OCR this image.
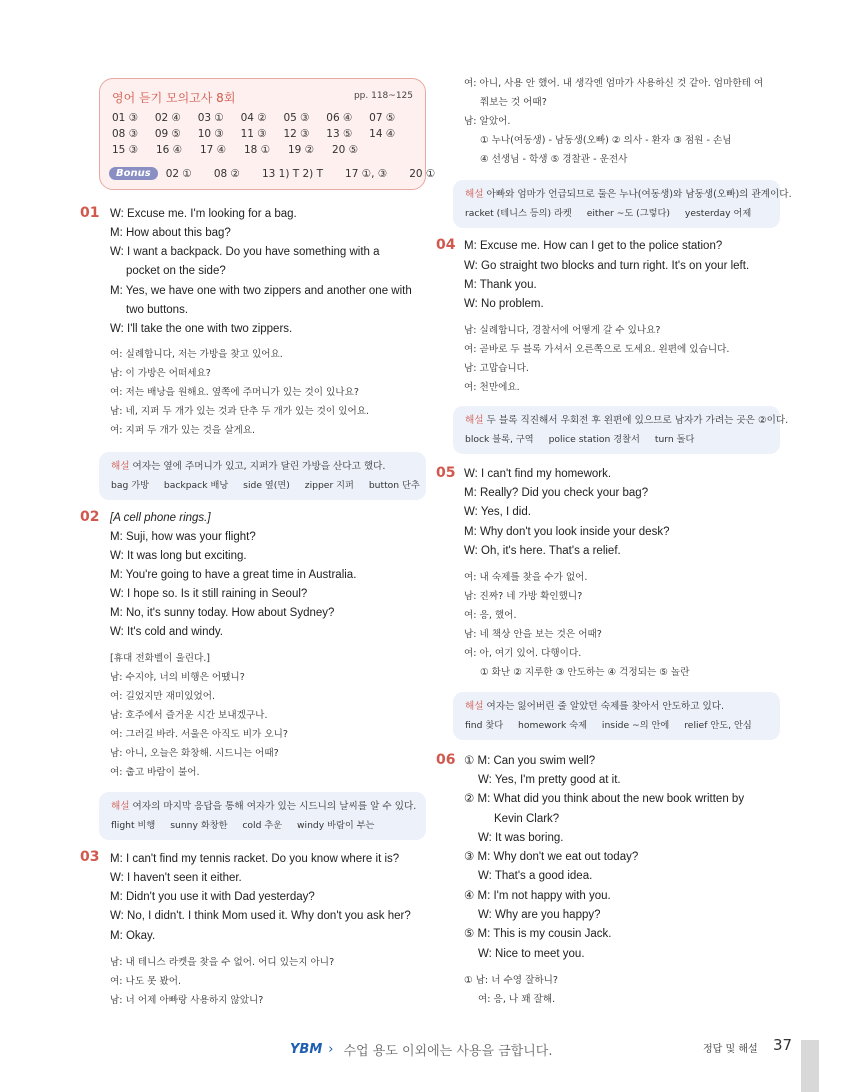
영어 듣기 모의고사 8회	pp. 118~125
01 ③	02 ④	03 ①	04 ②	05 ③	06 ④	07 ⑤
08 ③	09 ⑤	10 ③	11 ③	12 ③	13 ⑤	14 ④
15 ③	16 ④	17 ④	18 ①	19 ②	20 ⑤
Bonus	02 ① 08 ② 13 1) T 2) T 17 ①, ③ 20 ①
01 W: Excuse me. I'm looking for a bag.
M: How about this bag?
W: I want a backpack. Do you have something with a
pocket on the side?
M: Yes, we have one with two zippers and another one with
two buttons.
W: I'll take the one with two zippers.
여: 실례합니다, 저는 가방을 찾고 있어요.
남: 이 가방은 어떠세요?
여: 저는 배낭을 원해요. 옆쪽에 주머니가 있는 것이 있나요?
남: 네, 지퍼 두 개가 있는 것과 단추 두 개가 있는 것이 있어요.
여: 지퍼 두 개가 있는 것을 살게요.
해설 여자는 옆에 주머니가 있고, 지퍼가 달린 가방을 산다고 했다.
bag 가방 backpack 배낭 side 옆(면) zipper 지퍼 button 단추
02 [A cell phone rings.]
M: Suji, how was your flight?
W: It was long but exciting.
M: You're going to have a great time in Australia.
W: I hope so. Is it still raining in Seoul?
M: No, it's sunny today. How about Sydney?
W: It's cold and windy.
[휴대 전화벨이 울린다.]
남: 수지야, 너의 비행은 어땠니?
여: 길었지만 재미있었어.
남: 호주에서 즐거운 시간 보내겠구나.
여: 그러길 바라. 서울은 아직도 비가 오니?
남: 아니, 오늘은 화창해. 시드니는 어때?
여: 춥고 바람이 불어.
해설 여자의 마지막 응답을 통해 여자가 있는 시드니의 날씨를 알 수 있다.
flight 비행 sunny 화창한 cold 추운 windy 바람이 부는
03 M: I can't find my tennis racket. Do you know where it is?
W: I haven't seen it either.
M: Didn't you use it with Dad yesterday?
W: No, I didn't. I think Mom used it. Why don't you ask her?
M: Okay.
남: 내 테니스 라켓을 찾을 수 없어. 어디 있는지 아니?
여: 나도 못 봤어.
남: 너 어제 아빠랑 사용하지 않았니?
여: 아니, 사용 안 했어. 내 생각엔 엄마가 사용하신 것 같아. 엄마한테 여
쭤보는 것 어때?
남: 알았어.
① 누나(여동생) - 남동생(오빠) ② 의사 - 환자 ③ 점원 - 손님
④ 선생님 - 학생 ⑤ 경찰관 - 운전사
해설 아빠와 엄마가 언급되므로 둘은 누나(여동생)와 남동생(오빠)의 관계이다.
racket (테니스 등의) 라켓 either ~도 (그렇다) yesterday 어제
04 M: Excuse me. How can I get to the police station?
W: Go straight two blocks and turn right. It's on your left.
M: Thank you.
W: No problem.
남: 실례합니다, 경찰서에 어떻게 갈 수 있나요?
여: 곧바로 두 블록 가셔서 오른쪽으로 도세요. 왼편에 있습니다.
남: 고맙습니다.
여: 천만에요.
해설 두 블록 직진해서 우회전 후 왼편에 있으므로 남자가 가려는 곳은 ②이다.
block 블록, 구역 police station 경찰서 turn 돌다
05 W: I can't find my homework.
M: Really? Did you check your bag?
W: Yes, I did.
M: Why don't you look inside your desk?
W: Oh, it's here. That's a relief.
여: 내 숙제를 찾을 수가 없어.
남: 진짜? 네 가방 확인했니?
여: 응, 했어.
남: 네 책상 안을 보는 것은 어때?
여: 아, 여기 있어. 다행이다.
① 화난 ② 지루한 ③ 안도하는 ④ 걱정되는 ⑤ 놀란
해설 여자는 잃어버린 줄 알았던 숙제를 찾아서 안도하고 있다.
find 찾다 homework 숙제 inside ~의 안에 relief 안도, 안심
06 ① M: Can you swim well?
W: Yes, I'm pretty good at it.
② M: What did you think about the new book written by
Kevin Clark?
W: It was boring.
③ M: Why don't we eat out today?
W: That's a good idea.
④ M: I'm not happy with you.
W: Why are you happy?
⑤ M: This is my cousin Jack.
W: Nice to meet you.
① 남: 너 수영 잘하니?
여: 응, 나 꽤 잘해.
YBM › 수업 용도 이외에는 사용을 금합니다.	정답 및 해설 37
